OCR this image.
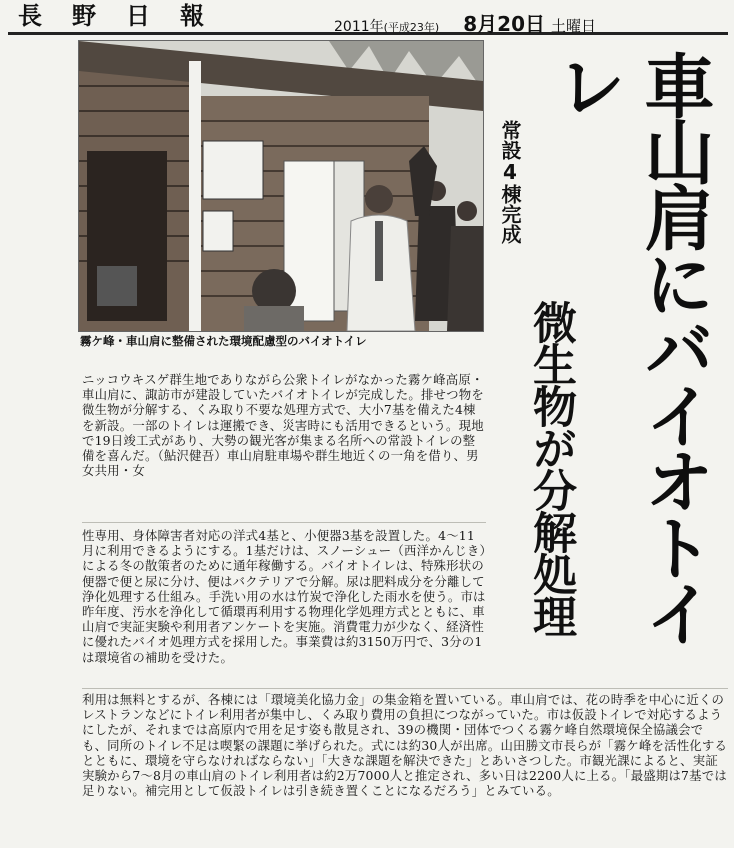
長野日報	2011年(平成23年) 8月20日 土曜日
霧ケ峰・車山肩に整備された環境配慮型のバイオトイレ	車山肩にバイオトイレ
常設4棟完成
微生物が分解処理
ニッコウキスゲ群生地でありながら公衆トイレがなかった霧ケ峰高原・車山肩に、諏訪市が建設していたバイオトイレが完成した。排せつ物を微生物が分解する、くみ取り不要な処理方式で、大小7基を備えた4棟を新設。一部のトイレは運搬でき、災害時にも活用できるという。現地で19日竣工式があり、大勢の観光客が集まる名所への常設トイレの整備を喜んだ。（鮎沢健吾）車山肩駐車場や群生地近くの一角を借り、男女共用・女
性専用、身体障害者対応の洋式4基と、小便器3基を設置した。4～11月に利用できるようにする。1基だけは、スノーシュー（西洋かんじき）による冬の散策者のために通年稼働する。バイオトイレは、特殊形状の便器で便と尿に分け、便はバクテリアで分解。尿は肥料成分を分離して浄化処理する仕組み。手洗い用の水は竹炭で浄化した雨水を使う。市は昨年度、汚水を浄化して循環再利用する物理化学処理方式とともに、車山肩で実証実験や利用者アンケートを実施。消費電力が少なく、経済性に優れたバイオ処理方式を採用した。事業費は約3150万円で、3分の1は環境省の補助を受けた。
利用は無料とするが、各棟には「環境美化協力金」の集金箱を置いている。車山肩では、花の時季を中心に近くのレストランなどにトイレ利用者が集中し、くみ取り費用の負担につながっていた。市は仮設トイレで対応するようにしたが、それまでは高原内で用を足す姿も散見され、39の機関・団体でつくる霧ケ峰自然環境保全協議会でも、同所のトイレ不足は喫緊の課題に挙げられた。式には約30人が出席。山田勝文市長らが「霧ケ峰を活性化するとともに、環境を守らなければならない」「大きな課題を解決できた」とあいさつした。市観光課によると、実証実験から7～8月の車山肩のトイレ利用者は約2万7000人と推定され、多い日は2200人に上る。「最盛期は7基では足りない。補完用として仮設トイレは引き続き置くことになるだろう」とみている。
